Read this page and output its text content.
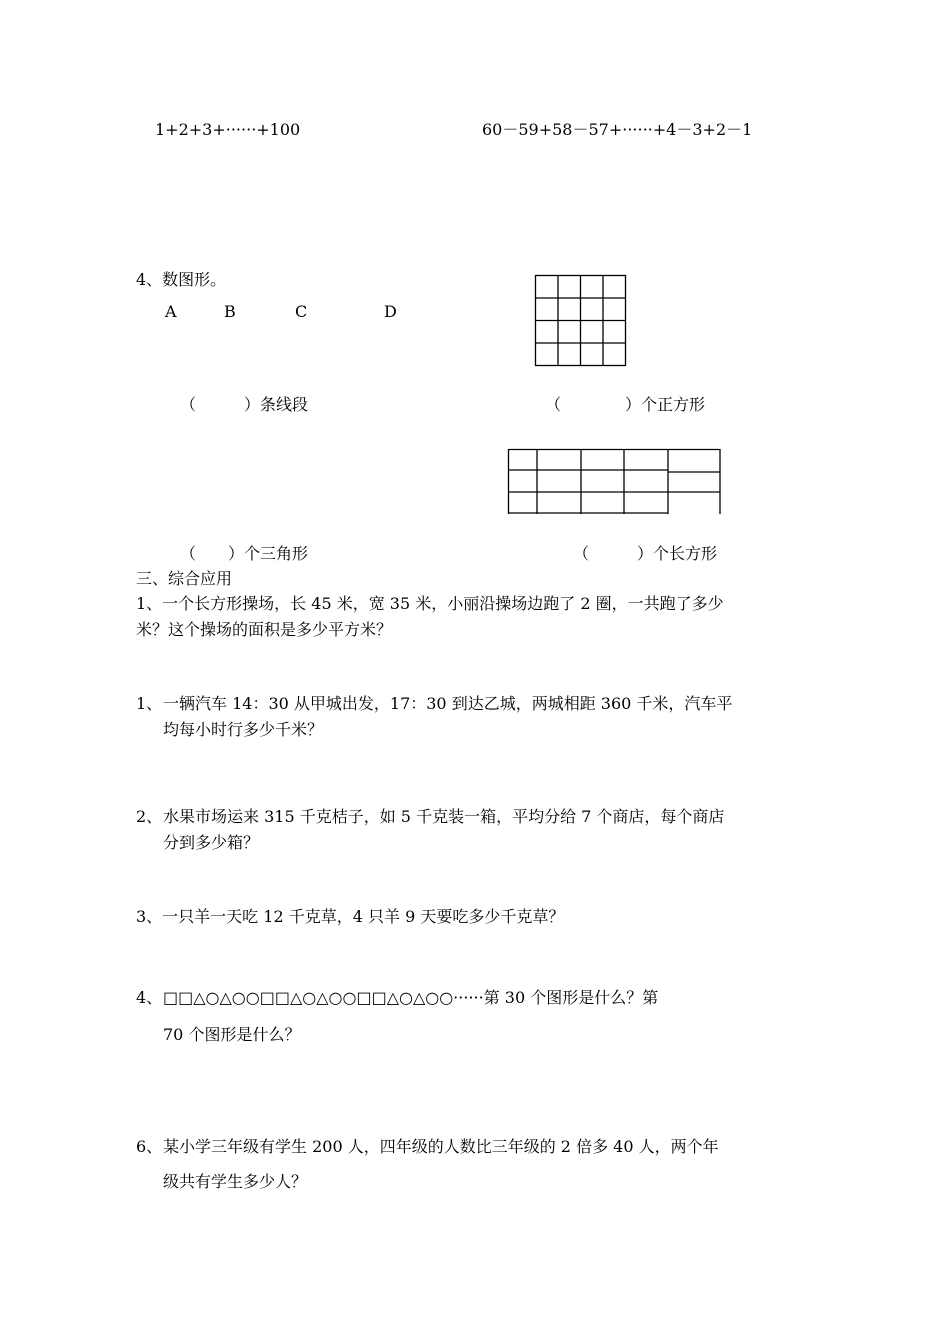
1+2+3+······+100	60－59+58－57+······+4－3+2－1
4、数图形。
A	B	C	D
（　　　）条线段	（　　　　）个正方形
（　　）个三角形	（　　　）个长方形
三、综合应用
1、一个长方形操场，长 45 米，宽 35 米，小丽沿操场边跑了 2 圈，一共跑了多少
米？这个操场的面积是多少平方米？
1、 一辆汽车 14：30 从甲城出发，17：30 到达乙城，两城相距 360 千米，汽车平
均每小时行多少千米？
2、 水果市场运来 315 千克桔子，如 5 千克装一箱，平均分给 7 个商店，每个商店
分到多少箱？
3、一只羊一天吃 12 千克草，4 只羊 9 天要吃多少千克草？
4、 □□△○△○○□□△○△○○□□△○△○○······第 30 个图形是什么？第
70 个图形是什么？
6、 某小学三年级有学生 200 人，四年级的人数比三年级的 2 倍多 40 人，两个年
级共有学生多少人？
